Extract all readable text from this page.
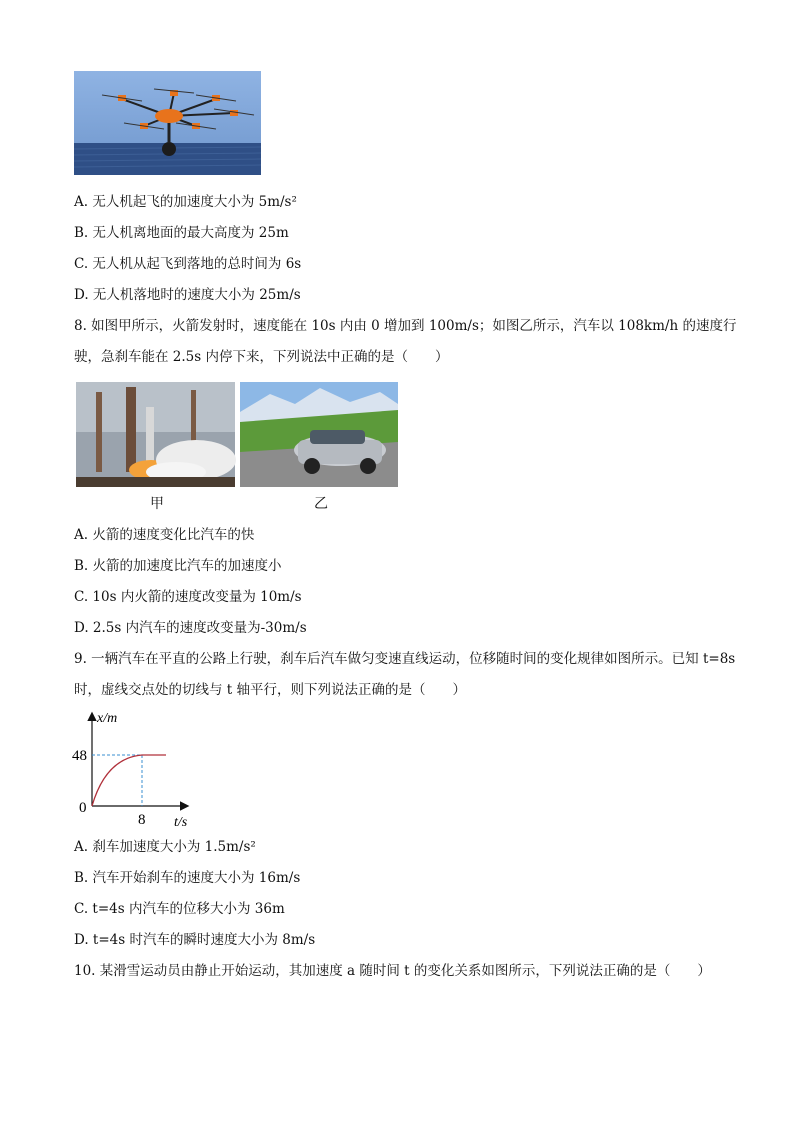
A. 无人机起飞的加速度大小为 5m/s²
B. 无人机离地面的最大高度为 25m
C. 无人机从起飞到落地的总时间为 6s
D. 无人机落地时的速度大小为 25m/s
8. 如图甲所示，火箭发射时，速度能在 10s 内由 0 增加到 100m/s；如图乙所示，汽车以 108km/h 的速度行
驶，急刹车能在 2.5s 内停下来，下列说法中正确的是（　　）
甲	乙
A. 火箭的速度变化比汽车的快
B. 火箭的加速度比汽车的加速度小
C. 10s 内火箭的速度改变量为 10m/s
D. 2.5s 内汽车的速度改变量为-30m/s
9. 一辆汽车在平直的公路上行驶，刹车后汽车做匀变速直线运动，位移随时间的变化规律如图所示。已知 t=8s
时，虚线交点处的切线与 t 轴平行，则下列说法正确的是（　　）
x/m
48
0
8 t/s
A. 刹车加速度大小为 1.5m/s²
B. 汽车开始刹车的速度大小为 16m/s
C. t=4s 内汽车的位移大小为 36m
D. t=4s 时汽车的瞬时速度大小为 8m/s
10. 某滑雪运动员由静止开始运动，其加速度 a 随时间 t 的变化关系如图所示，下列说法正确的是（　　）
